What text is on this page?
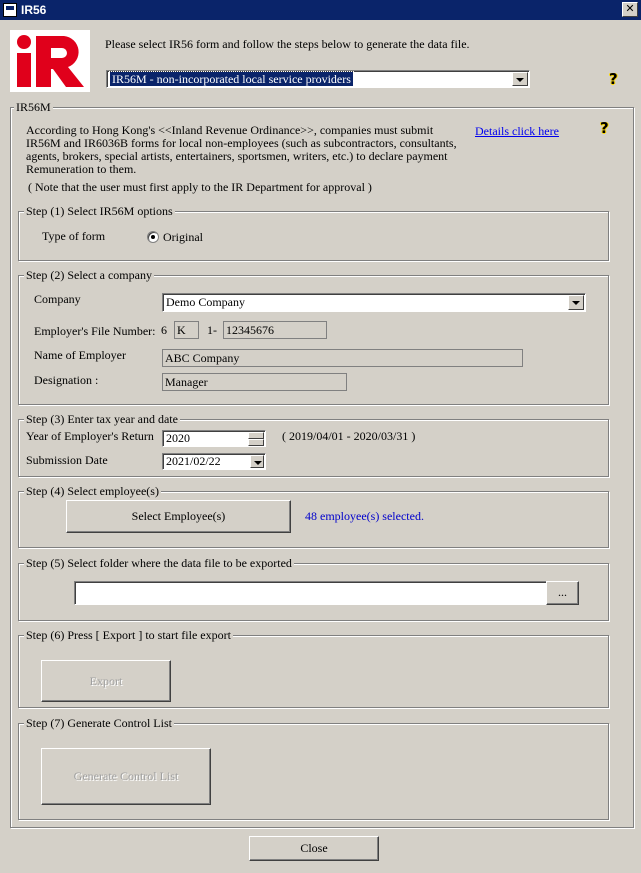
IR56	✕
Please select IR56 form and follow the steps below to generate the data file.
IR56M - non-incorporated local service providers	?
IR56M
According to Hong Kong's <<Inland Revenue Ordinance>>, companies must submit IR56M and IR6036B forms for local non-employees (such as subcontractors, consultants, agents, brokers, special artists, entertainers, sportsmen, writers, etc.) to declare payment Remuneration to them.
( Note that the user must first apply to the IR Department for approval )
Details click here	?
Step (1) Select IR56M options
Type of form	Original
Step (2) Select a company
Company	Demo Company
Employer's File Number: 6 K	1- 12345676
Name of Employer	ABC Company
Designation :	Manager
Step (3) Enter tax year and date
Year of Employer's Return	2020	( 2019/04/01 - 2020/03/31 )
Submission Date	2021/02/22
Step (4) Select employee(s)
Select Employee(s)	48 employee(s) selected.
Step (5) Select folder where the data file to be exported
...
Step (6) Press [ Export ] to start file export
Export
Step (7) Generate Control List
Generate Control List
Close
